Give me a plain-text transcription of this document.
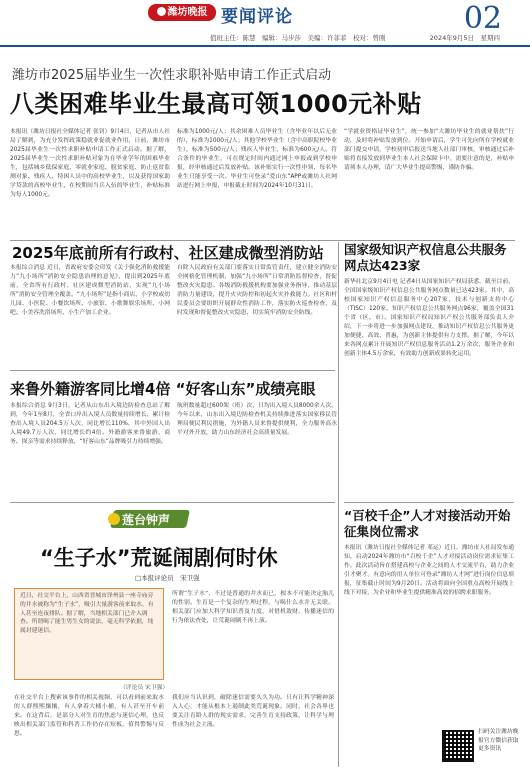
潍坊晚报 要闻评论	02
值班主任：陈慧　编辑：马步莎　美编：许菲菲　校对：曾刚	2024年9月5日　星期四
潍坊市2025届毕业生一次性求职补贴申请工作正式启动
八类困难毕业生最高可领1000元补贴
本报讯（潍坊日报社全媒体记者 张钊）9月4日，记者从市人社局了解到，为充分发挥政策稳就业促就业作用，日前，潍坊市2025届毕业生一次性求职补贴申请工作正式启动。据了解，2025届毕业生一次性求职补贴对象为在毕业学年的困难毕业生，包括城乡低保家庭、零就业家庭、脱贫家庭、防止返贫监测对象、残疾人、特困人员中的高校毕业生，以及获得国家助学贷款的高校毕业生、在校期间当兵入伍的毕业生，补贴标准为每人1000元。
标准为1000元/人；其余困难人员毕业生（含毕业年以后无业的），标准为1000元/人；其他学校毕业生（含中高职院校毕业生），标准为500元/人；残疾人毕业生，标准为600元/人。符合条件的毕业生，可在规定时间内通过网上申报或到学校申报，经审核通过后发放补贴。该补贴实行一次性申领，每名毕业生只能享受一次。毕业生可登录“爱山东”APP或潍坊人社网站进行网上申报，申报截止时间为2024年10月31日。
“学就业资格证毕业生”，统一参加“大潍坊毕业生的就业帮扶”行动，及时将补贴发放到位。开始申请后，学生可先向所在学校就业部门提交申请，学校初审后报送当地人社部门审核，审核通过后补贴将直接发放到毕业生本人社会保障卡中。需要注意的是，补贴申请须本人办理，请广大毕业生提高警惕，谨防诈骗。
2025年底前所有行政村、社区建成微型消防站
本报综合消息 近日，省政府安委会印发《关于强化消防救援能力“九小场所”消防安全隐患治理的意见》，提出到2025年底前，全省所有行政村、社区建成微型消防站，实现“九小场所”消防安全管理全覆盖。“九小场所”是指小商店、小学校或幼儿园、小医院、小餐饮场所、小旅馆、小歌舞娱乐场所、小网吧、小美容洗浴场所、小生产加工企业。
自除人民政府有关部门要落实日常监管责任，建立健全消防安全网格化管理机制，加强“九小场所”日常消防监督检查，督促整改火灾隐患。各级消防救援机构要加强业务指导，推动基层消防力量建设，提升火灾防控和初起火灾扑救能力。社区和村民委员会要组织开展群众性消防工作，落实防火巡查检查，及时发现和督促整改火灾隐患，切实筑牢消防安全防线。
来鲁外籍游客同比增4倍 “好客山东”成绩亮眼
本报综合消息 9月3日，记者从山东出入境边防检查总站了解到，今年1至8月，全省口岸出入境人员数量持续增长，累计检查出入境人员204.5万人次，同比增长110%，其中外国人出入境49.7万人次，同比增长约4倍。外籍游客来鲁旅游、商务、探亲等需求持续释放，“好客山东”品牌吸引力持续增强。
航班数量超过600架（班）次，日均出入境人员8000余人次。今年以来，山东出入境边防检查机关持续推进落实国家移民管理局便民利民措施，为外籍人员来鲁提供便利，全力服务高水平对外开放，助力山东经济社会高质量发展。
莲台钟声
“生子水”荒诞闹剧何时休
□本报评论员　宋卫强
近日，社交平台上，山西省晋城市泽州县一座寺庙旁的井水被称为“生子水”，吸引大量游客前来取水，有人甚至连夜排队。据了解，当地相关部门已介入调查。所谓喝了能生男生女的说法，毫无科学依据，纯属封建迷信。
（评论员 宋卫强）
所谓“生子水”，不过是普通的井水而已，根本不可能决定胎儿的性别。生育是一个复杂的生理过程，与喝什么水并无关联。相关部门应加大科学知识普及力度，对借机敛财、传播迷信的行为依法查处，让荒诞闹剧不再上演。
在社交平台上搜索该事件的相关视频，可以看到前来取水的人群熙熙攘攘，有人拿着大桶小桶，有人甚至开车前来。在这背后，是部分人对生育的焦虑与迷信心理，也反映出相关部门监管和科普工作仍存在短板，值得警惕与反思。
我们应当认识到，破除迷信需要久久为功。只有让科学精神深入人心，才能从根本上遏制此类荒诞现象。同时，社会各界也要关注育龄人群的现实需求，完善生育支持政策，让科学与理性成为社会主流。
国家级知识产权信息公共服务网点达423家
新华社北京9月4日电 记者4日从国家知识产权局获悉，截至目前，全国国家级知识产权信息公共服务网点数量已达423家。其中，高校国家知识产权信息服务中心207家，技术与创新支持中心（TISC）120家，知识产权信息公共服务网点96家，覆盖全国31个省（区、市）。国家知识产权局知识产权公共服务部负责人介绍，下一步将进一步加强网点建设，推动知识产权信息公共服务更加便捷、高效、普惠，为创新主体提供有力支撑。据了解，今年以来各网点累计开展知识产权信息服务活动1.2万余次，服务企业和创新主体4.5万余家，有效助力创新成果转化运用。
“百校千企”人才对接活动开始征集岗位需求
本报讯（潍坊日报社全媒体记者 邓运）近日，潍坊市人社局发布通知，启动2024年潍坊市“百校千企”人才对接活动岗位需求征集工作。此次活动旨在搭建高校与企业之间的人才交流平台，助力企业引才聚才。有意向的用人单位可登录“潍坊人才网”进行岗位信息填报，征集截止时间为9月20日。活动将面向全国重点高校开展线上线下对接，为企业和毕业生提供精准高效的招聘求职服务。
扫码关注潍坊晚报官方微信获取更多资讯
